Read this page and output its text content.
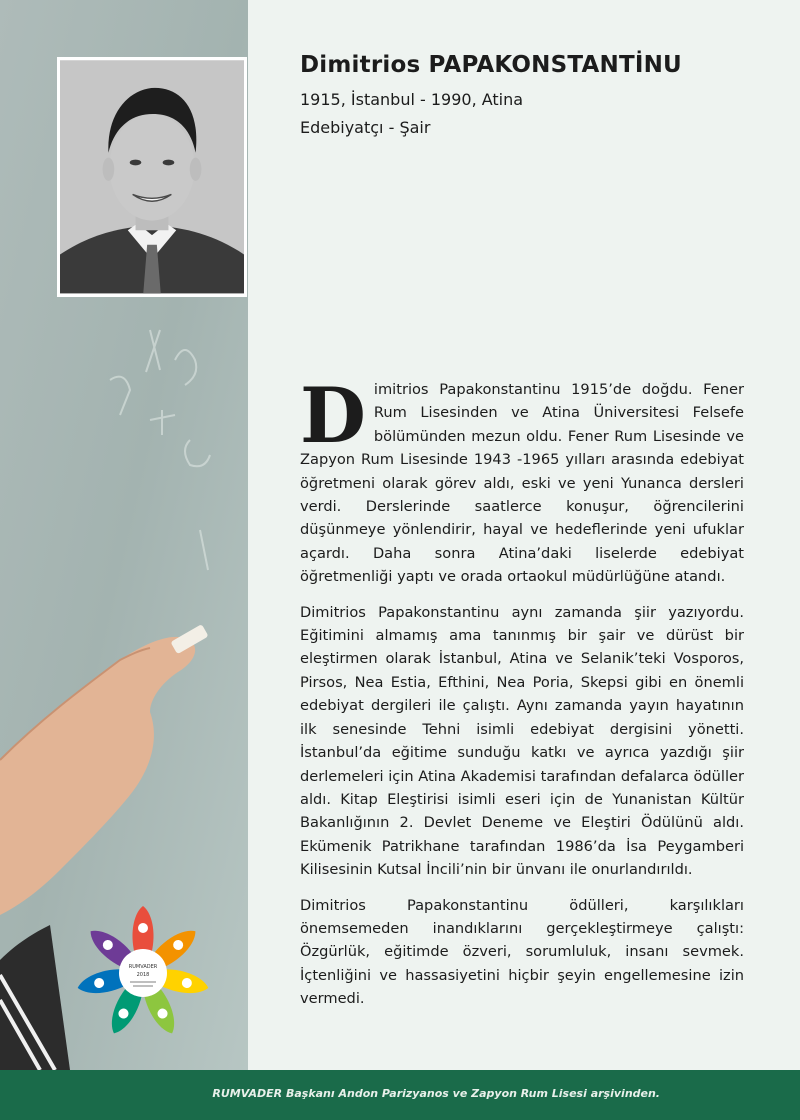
Dimitrios PAPAKONSTANTİNU
1915, İstanbul - 1990, Atina
Edebiyatçı - Şair

Dimitrios Papakonstantinu 1915’de doğdu. Fener Rum Lisesinden ve Atina Üniversitesi Felsefe bölümünden mezun oldu. Fener Rum Lisesinde ve Zapyon Rum Lisesinde 1943 -1965 yılları arasında edebiyat öğretmeni olarak görev aldı, eski ve yeni Yunanca dersleri verdi. Derslerinde saatlerce konuşur, öğrencilerini düşünmeye yönlendirir, hayal ve hedeflerinde yeni ufuklar açardı. Daha sonra Atina’daki liselerde edebiyat öğretmenliği yaptı ve orada ortaokul müdürlüğüne atandı.

Dimitrios Papakonstantinu aynı zamanda şiir yazıyordu. Eğitimini almamış ama tanınmış bir şair ve dürüst bir eleştirmen olarak İstanbul, Atina ve Selanik’teki Vosporos, Pirsos, Nea Estia, Efthini, Nea Poria, Skepsi gibi en önemli edebiyat dergileri ile çalıştı. Aynı zamanda yayın hayatının ilk senesinde Tehni isimli edebiyat dergisini yönetti. İstanbul’da eğitime sunduğu katkı ve ayrıca yazdığı şiir derlemeleri için Atina Akademisi tarafından defalarca ödüller aldı. Kitap Eleştirisi isimli eseri için de Yunanistan Kültür Bakanlığının 2. Devlet Deneme ve Eleştiri Ödülünü aldı. Ekümenik Patrikhane tarafından 1986’da İsa Peygamberi Kilisesinin Kutsal İncili’nin bir ünvanı ile onurlandırıldı.

Dimitrios Papakonstantinu ödülleri, karşılıkları önemsemeden inandıklarını gerçekleştirmeye çalıştı: Özgürlük, eğitimde özveri, sorumluluk, insanı sevmek. İçtenliğini ve hassasiyetini hiçbir şeyin engellemesine izin vermedi.

RUMVADER
2018
RUMVADER Başkanı Andon Parizyanos ve Zapyon Rum Lisesi arşivinden.
